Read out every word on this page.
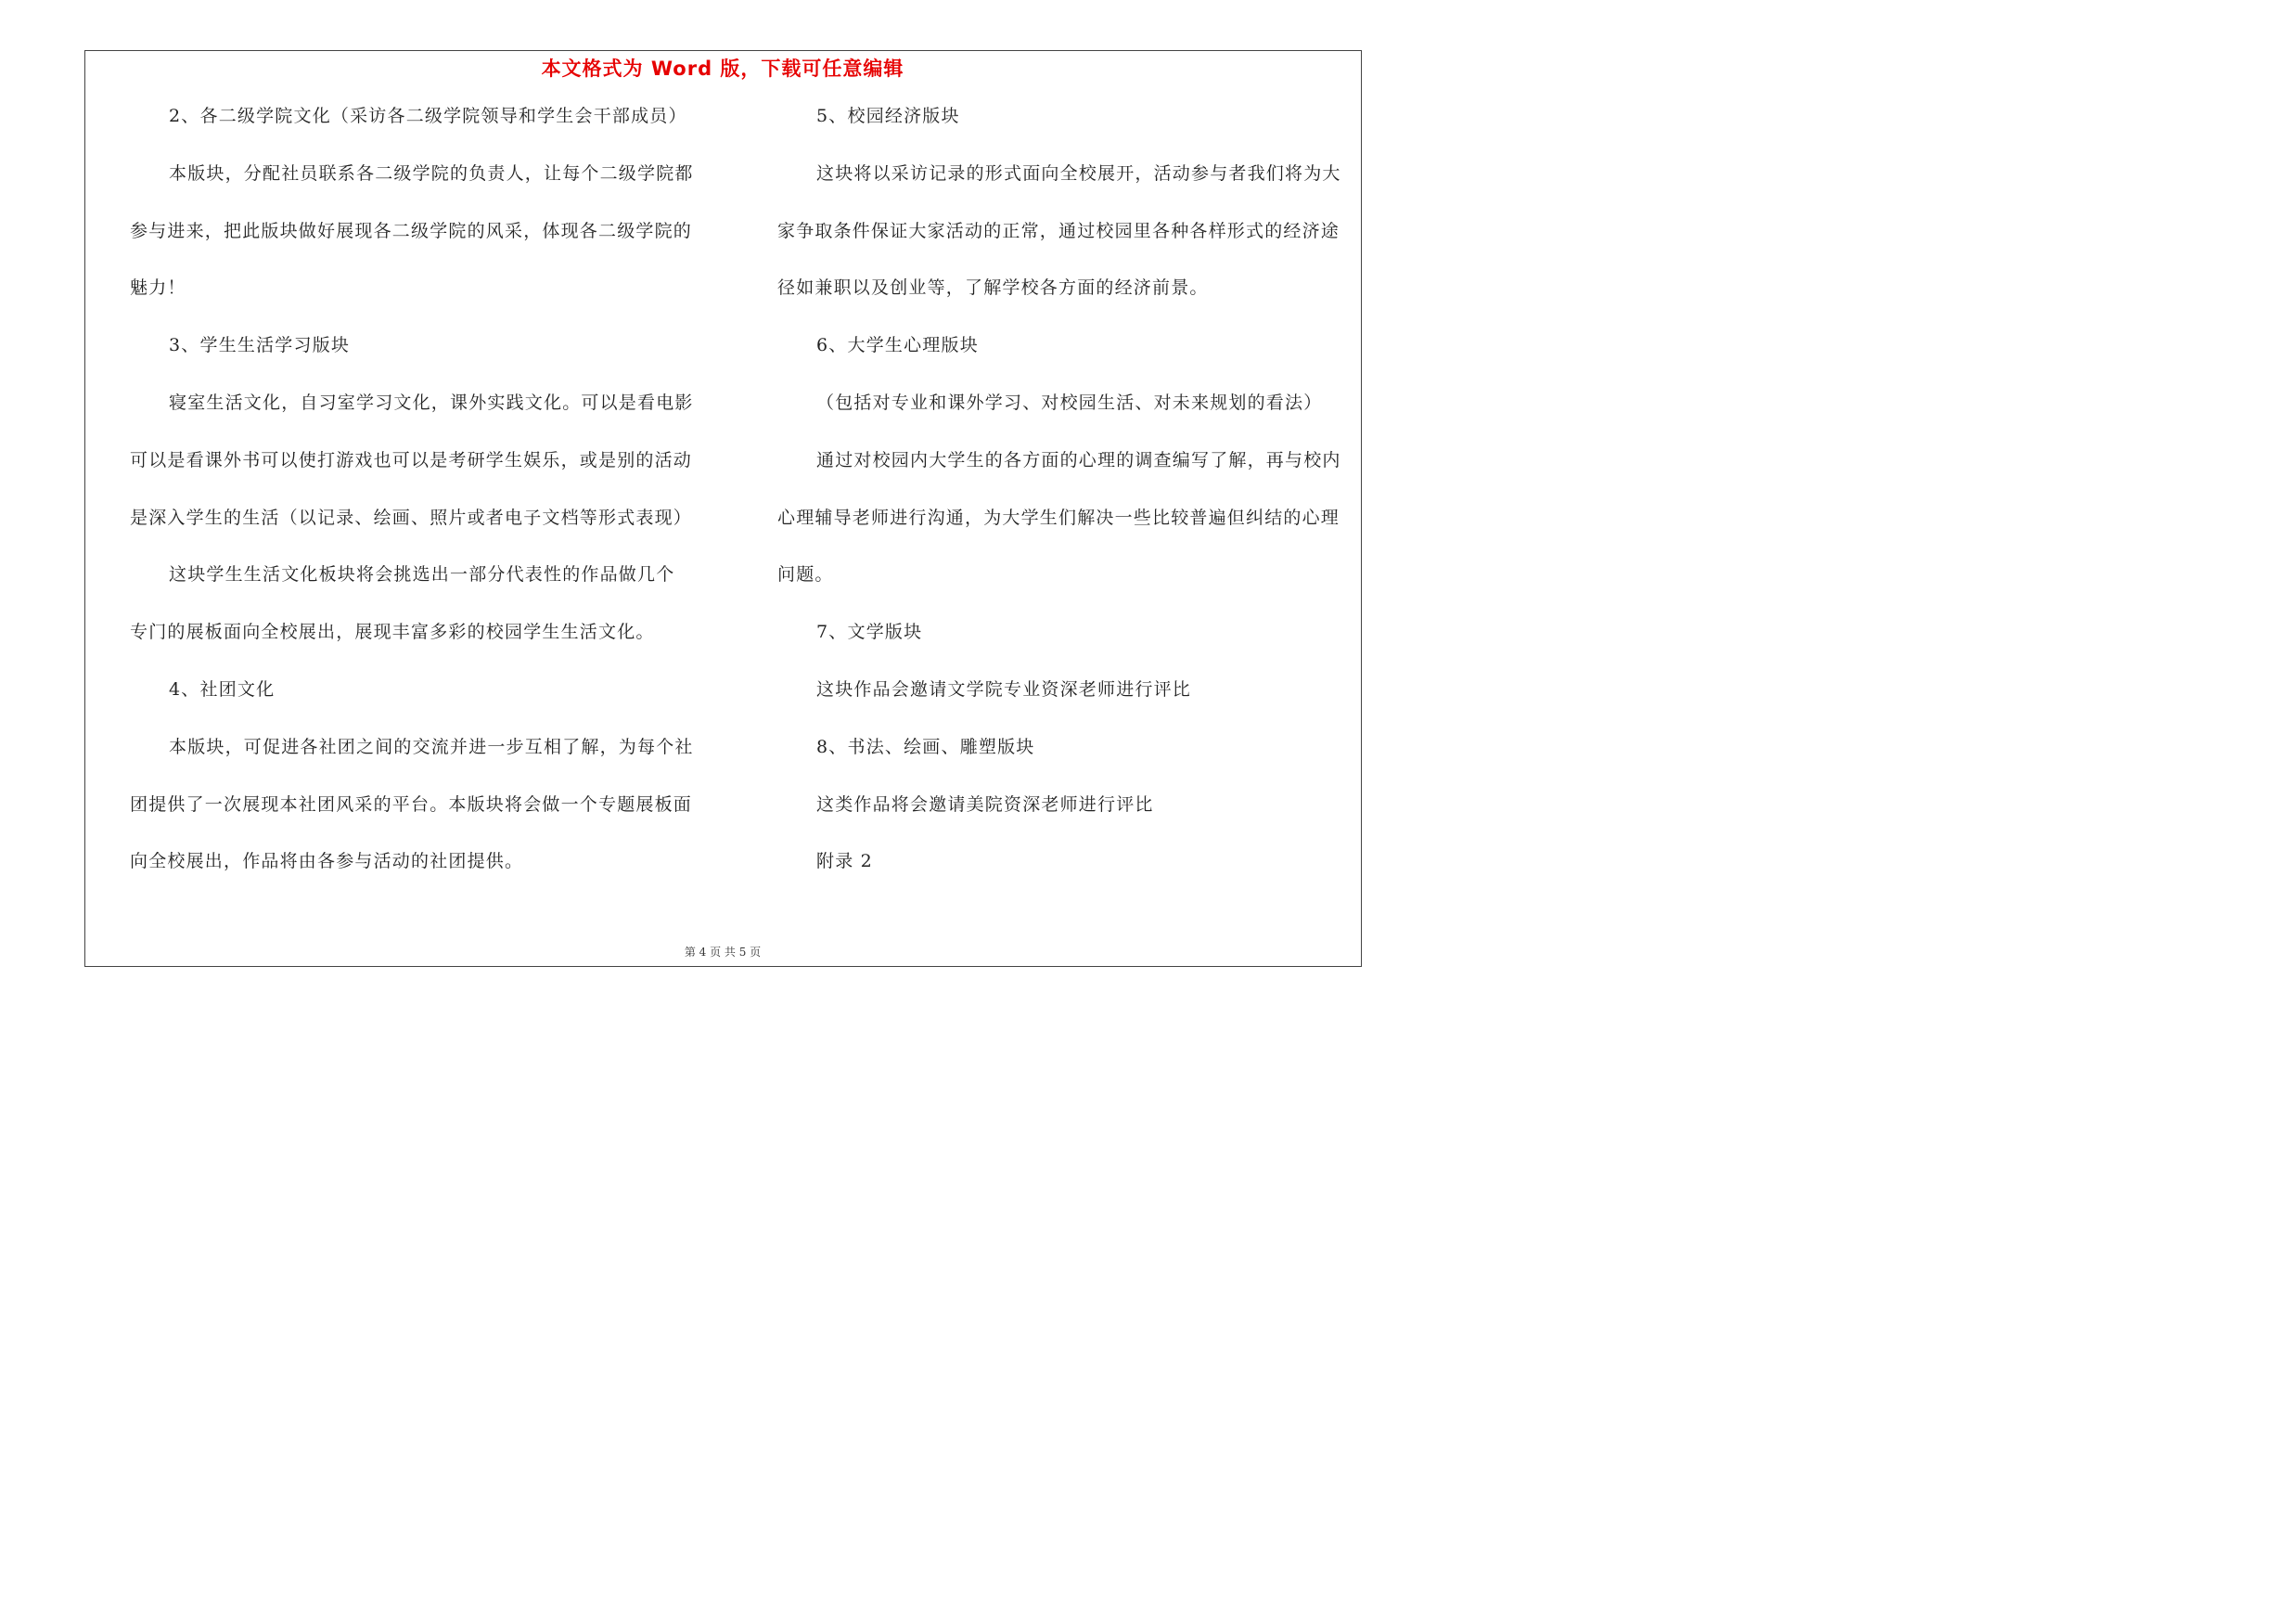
本文格式为 Word 版，下载可任意编辑
2、各二级学院文化（采访各二级学院领导和学生会干部成员）
本版块，分配社员联系各二级学院的负责人，让每个二级学院都
参与进来，把此版块做好展现各二级学院的风采，体现各二级学院的
魅力！
3、学生生活学习版块
寝室生活文化，自习室学习文化，课外实践文化。可以是看电影
可以是看课外书可以使打游戏也可以是考研学生娱乐，或是别的活动
是深入学生的生活（以记录、绘画、照片或者电子文档等形式表现）
这块学生生活文化板块将会挑选出一部分代表性的作品做几个
专门的展板面向全校展出，展现丰富多彩的校园学生生活文化。
4、社团文化
本版块，可促进各社团之间的交流并进一步互相了解，为每个社
团提供了一次展现本社团风采的平台。本版块将会做一个专题展板面
向全校展出，作品将由各参与活动的社团提供。
5、校园经济版块
这块将以采访记录的形式面向全校展开，活动参与者我们将为大
家争取条件保证大家活动的正常，通过校园里各种各样形式的经济途
径如兼职以及创业等，了解学校各方面的经济前景。
6、大学生心理版块
（包括对专业和课外学习、对校园生活、对未来规划的看法）
通过对校园内大学生的各方面的心理的调查编写了解，再与校内
心理辅导老师进行沟通，为大学生们解决一些比较普遍但纠结的心理
问题。
7、文学版块
这块作品会邀请文学院专业资深老师进行评比
8、书法、绘画、雕塑版块
这类作品将会邀请美院资深老师进行评比
附录 2
第 4 页 共 5 页
